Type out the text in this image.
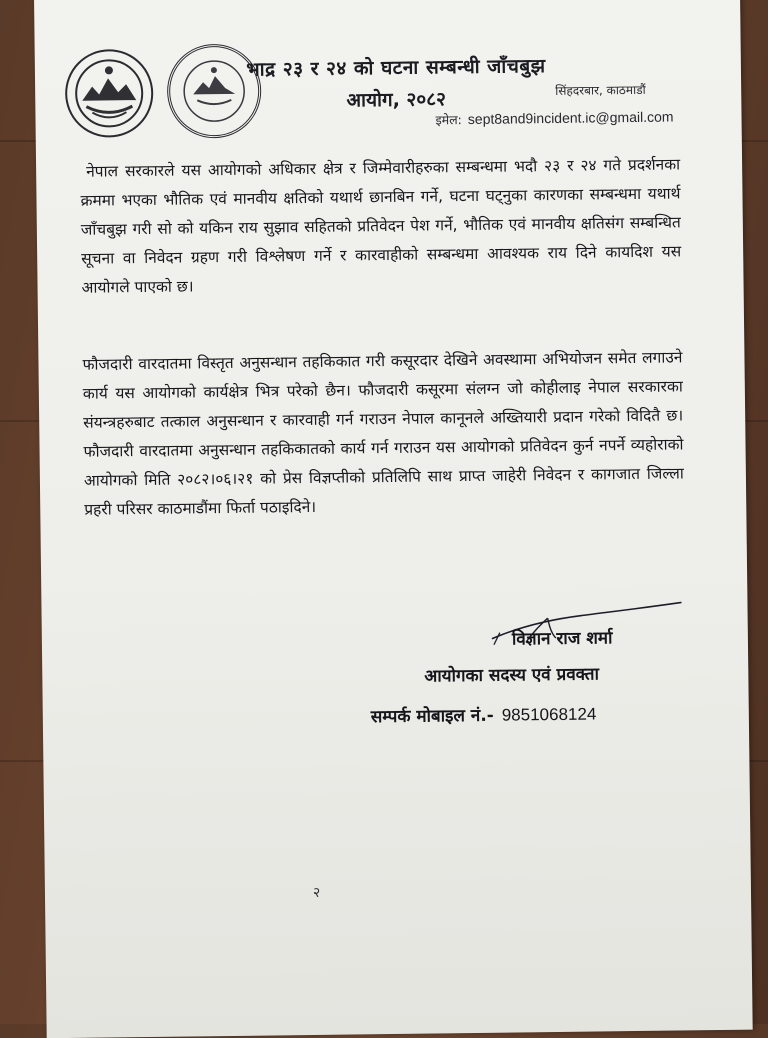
भाद्र २३ र २४ को घटना सम्बन्धी जाँचबुझ
आयोग, २०८२	सिंहदरबार, काठमाडौं
इमेल: sept8and9incident.ic@gmail.com
नेपाल सरकारले यस आयोगको अधिकार क्षेत्र र जिम्मेवारीहरुका सम्बन्धमा भदौ २३ र २४ गते प्रदर्शनका क्रममा भएका भौतिक एवं मानवीय क्षतिको यथार्थ छानबिन गर्ने, घटना घट्नुका कारणका सम्बन्धमा यथार्थ जाँचबुझ गरी सो को यकिन राय सुझाव सहितको प्रतिवेदन पेश गर्ने, भौतिक एवं मानवीय क्षतिसंग सम्बन्धित सूचना वा निवेदन ग्रहण गरी विश्लेषण गर्ने र कारवाहीको सम्बन्धमा आवश्यक राय दिने कायदिश यस आयोगले पाएको छ।
फौजदारी वारदातमा विस्तृत अनुसन्धान तहकिकात गरी कसूरदार देखिने अवस्थामा अभियोजन समेत लगाउने कार्य यस आयोगको कार्यक्षेत्र भित्र परेको छैन। फौजदारी कसूरमा संलग्न जो कोहीलाइ नेपाल सरकारका संयन्त्रहरुबाट तत्काल अनुसन्धान र कारवाही गर्न गराउन नेपाल कानूनले अख्तियारी प्रदान गरेको विदितै छ। फौजदारी वारदातमा अनुसन्धान तहकिकातको कार्य गर्न गराउन यस आयोगको प्रतिवेदन कुर्न नपर्ने व्यहोराको आयोगको मिति २०८२।०६।२१ को प्रेस विज्ञप्तीको प्रतिलिपि साथ प्राप्त जाहेरी निवेदन र कागजात जिल्ला प्रहरी परिसर काठमाडौंमा फिर्ता पठाइदिने।
विज्ञान राज शर्मा
आयोगका सदस्य एवं प्रवक्ता
सम्पर्क मोबाइल नं.- 9851068124
२
